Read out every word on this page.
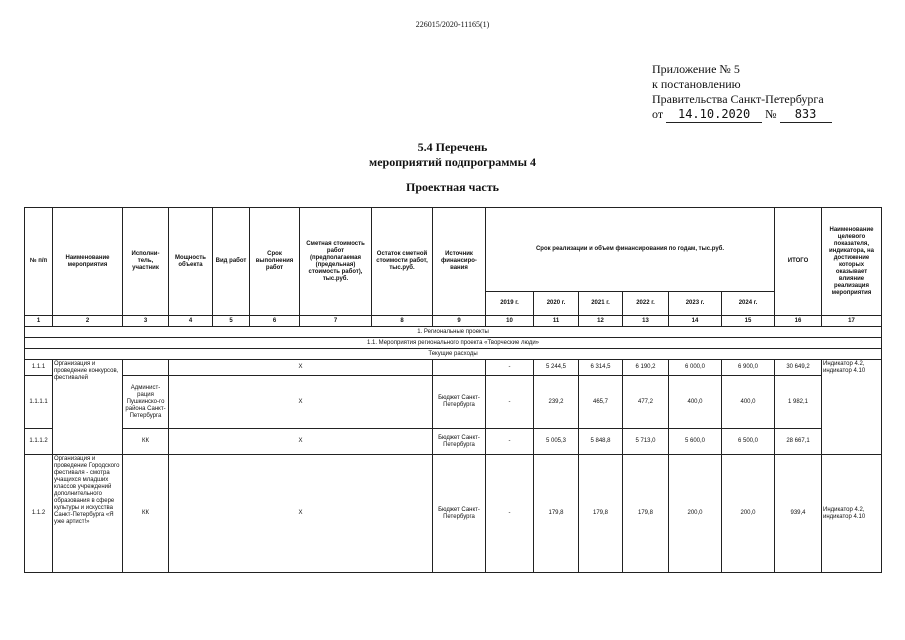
226015/2020-11165(1)
Приложение № 5
к постановлению
Правительства Санкт-Петербурга
от 14.10.2020 № 833
5.4 Перечень
мероприятий подпрограммы 4
Проектная часть
№ п/п	Наименование мероприятия	Исполни-тель, участник	Мощность объекта	Вид работ	Срок выполнения работ	Сметная стоимость работ (предполагаемая (предельная) стоимость работ), тыс.руб.	Остаток сметной стоимости работ, тыс.руб.	Источник финансиро-вания	Срок реализации и объем финансирования по годам, тыс.руб.						ИТОГО	Наименование целевого показателя, индикатора, на достижение которых оказывает влияние реализация мероприятия
									2019 г.	2020 г.	2021 г.	2022 г.	2023 г.	2024 г.		
1	2	3	4	5	6	7	8	9	10	11	12	13	14	15	16	17
1. Региональные проекты																
1.1. Мероприятия регионального проекта «Творческие люди»																
Текущие расходы																
1.1.1	Организация и проведение конкурсов, фестивалей		X						-	5 244,5	6 314,5	6 190,2	6 000,0	6 900,0	30 649,2	Индикатор 4.2, индикатор 4.10
1.1.1.1		Админист-рация Пушкинско-го района Санкт-Петербурга	X					Бюджет Санкт-Петербурга	-	239,2	465,7	477,2	400,0	400,0	1 982,1	
1.1.1.2		КК	X					Бюджет Санкт-Петербурга	-	5 005,3	5 848,8	5 713,0	5 600,0	6 500,0	28 667,1	
1.1.2	Организация и проведение Городского фестиваля - смотра учащихся младших классов учреждений дополнительного образования в сфере культуры и искусства Санкт-Петербурга «Я уже артист!»	КК	X					Бюджет Санкт-Петербурга	-	179,8	179,8	179,8	200,0	200,0	939,4	Индикатор 4.2, индикатор 4.10
